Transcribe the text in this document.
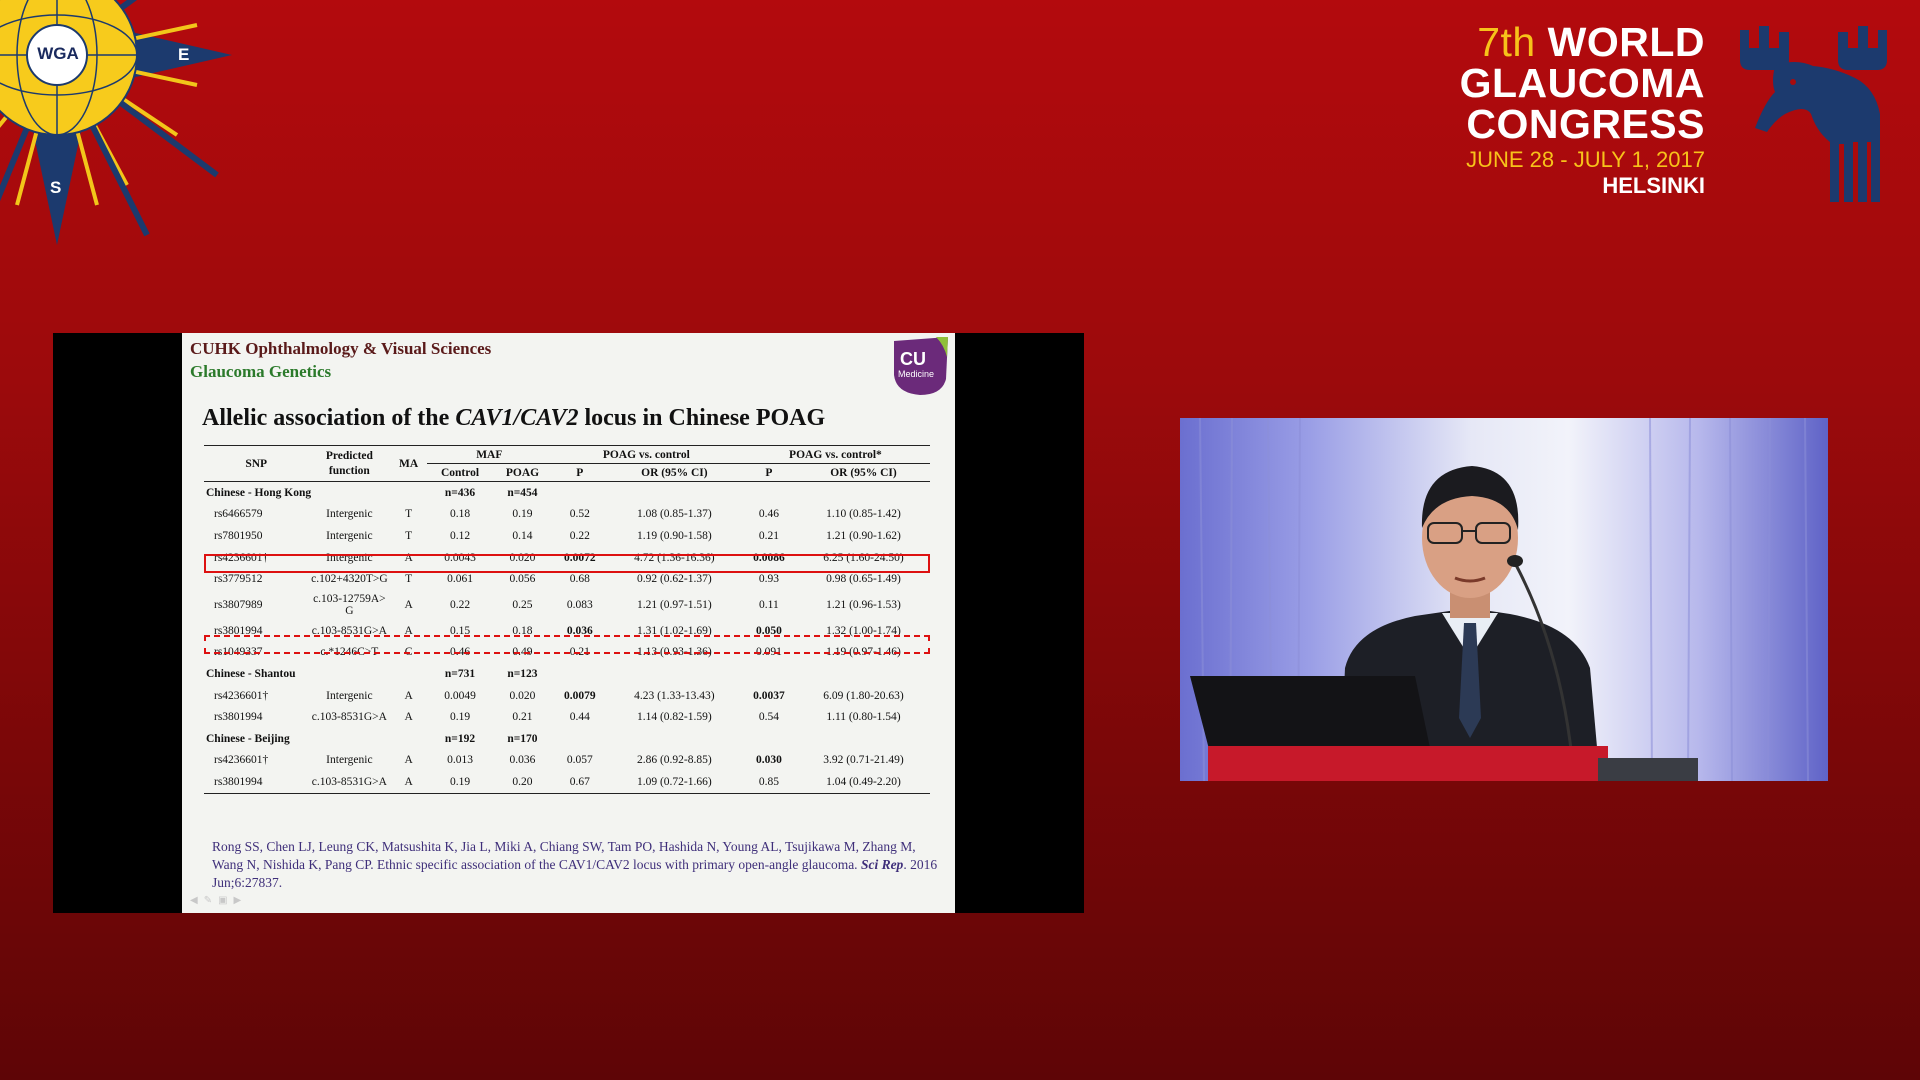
WGA	E
S
7th WORLD
GLAUCOMA
CONGRESS
JUNE 28 - JULY 1, 2017
HELSINKI
CUHK Ophthalmology & Visual Sciences
Glaucoma Genetics
CU
Medicine
Allelic association of the CAV1/CAV2 locus in Chinese POAG
SNP	Predicted function	MA	MAF		POAG vs. control		POAG vs. control*	
			Control	POAG	P	OR (95% CI)	P	OR (95% CI)
Chinese - Hong Kong			n=436	n=454				
rs6466579	Intergenic	T	0.18	0.19	0.52	1.08 (0.85-1.37)	0.46	1.10 (0.85-1.42)
rs7801950	Intergenic	T	0.12	0.14	0.22	1.19 (0.90-1.58)	0.21	1.21 (0.90-1.62)
rs4236601†	Intergenic	A	0.0043	0.020	0.0072	4.72 (1.36-16.36)	0.0086	6.25 (1.60-24.50)
rs3779512	c.102+4320T>G	T	0.061	0.056	0.68	0.92 (0.62-1.37)	0.93	0.98 (0.65-1.49)
rs3807989	c.103-12759A>G	A	0.22	0.25	0.083	1.21 (0.97-1.51)	0.11	1.21 (0.96-1.53)
rs3801994	c.103-8531G>A	A	0.15	0.18	0.036	1.31 (1.02-1.69)	0.050	1.32 (1.00-1.74)
rs1049337	c.*1246C>T	C	0.46	0.49	0.21	1.13 (0.93-1.36)	0.091	1.19 (0.97-1.46)
Chinese - Shantou			n=731	n=123				
rs4236601†	Intergenic	A	0.0049	0.020	0.0079	4.23 (1.33-13.43)	0.0037	6.09 (1.80-20.63)
rs3801994	c.103-8531G>A	A	0.19	0.21	0.44	1.14 (0.82-1.59)	0.54	1.11 (0.80-1.54)
Chinese - Beijing			n=192	n=170				
rs4236601†	Intergenic	A	0.013	0.036	0.057	2.86 (0.92-8.85)	0.030	3.92 (0.71-21.49)
rs3801994	c.103-8531G>A	A	0.19	0.20	0.67	1.09 (0.72-1.66)	0.85	1.04 (0.49-2.20)
Rong SS, Chen LJ, Leung CK, Matsushita K, Jia L, Miki A, Chiang SW, Tam PO, Hashida N, Young AL, Tsujikawa M, Zhang M, Wang N, Nishida K, Pang CP. Ethnic specific association of the CAV1/CAV2 locus with primary open-angle glaucoma. Sci Rep. 2016 Jun;6:27837.
◀✎▣▶
